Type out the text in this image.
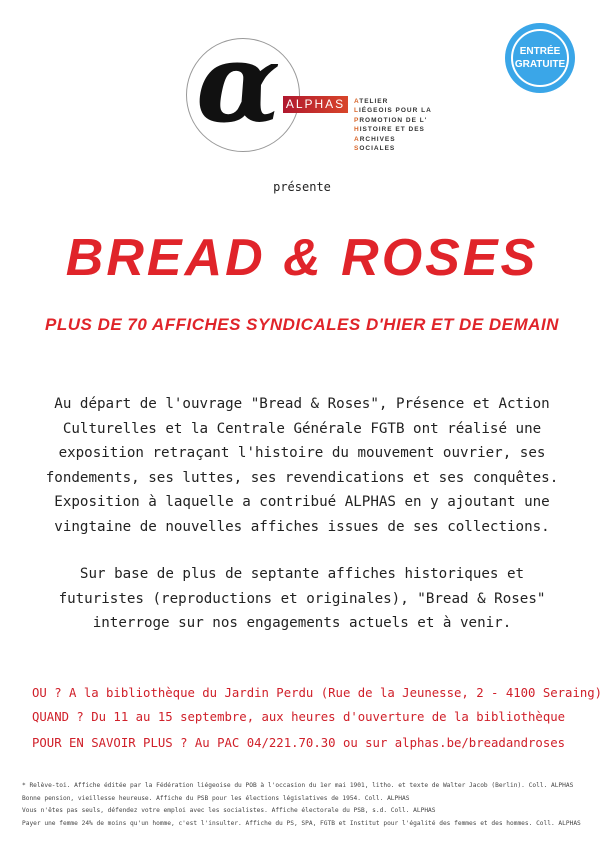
α ALPHAS	ATELIER
LIÉGEOIS POUR LA
PROMOTION DE L'
HISTOIRE ET DES
ARCHIVES
SOCIALES
ENTRÉE
GRATUITE
présente
BREAD & ROSES
PLUS DE 70 AFFICHES SYNDICALES D'HIER ET DE DEMAIN
Au départ de l'ouvrage "Bread & Roses", Présence et Action Culturelles et la Centrale Générale FGTB ont réalisé une exposition retraçant l'histoire du mouvement ouvrier, ses fondements, ses luttes, ses revendications et ses conquêtes. Exposition à laquelle a contribué ALPHAS en y ajoutant une vingtaine de nouvelles affiches issues de ses collections.
Sur base de plus de septante affiches historiques et futuristes (reproductions et originales), "Bread & Roses" interroge sur nos engagements actuels et à venir.
OU ? A la bibliothèque du Jardin Perdu (Rue de la Jeunesse, 2 - 4100 Seraing)
QUAND ? Du 11 au 15 septembre, aux heures d'ouverture de la bibliothèque
POUR EN SAVOIR PLUS ? Au PAC 04/221.70.30 ou sur alphas.be/breadandroses
* Relève-toi. Affiche éditée par la Fédération liégeoise du POB à l'occasion du 1er mai 1901, litho. et texte de Walter Jacob (Berlin). Coll. ALPHAS
Bonne pension, vieillesse heureuse. Affiche du PSB pour les élections législatives de 1954. Coll. ALPHAS
Vous n'êtes pas seuls, défendez votre emploi avec les socialistes. Affiche électorale du PSB, s.d. Coll. ALPHAS
Payer une femme 24% de moins qu'un homme, c'est l'insulter. Affiche du PS, SPA, FGTB et Institut pour l'égalité des femmes et des hommes. Coll. ALPHAS
